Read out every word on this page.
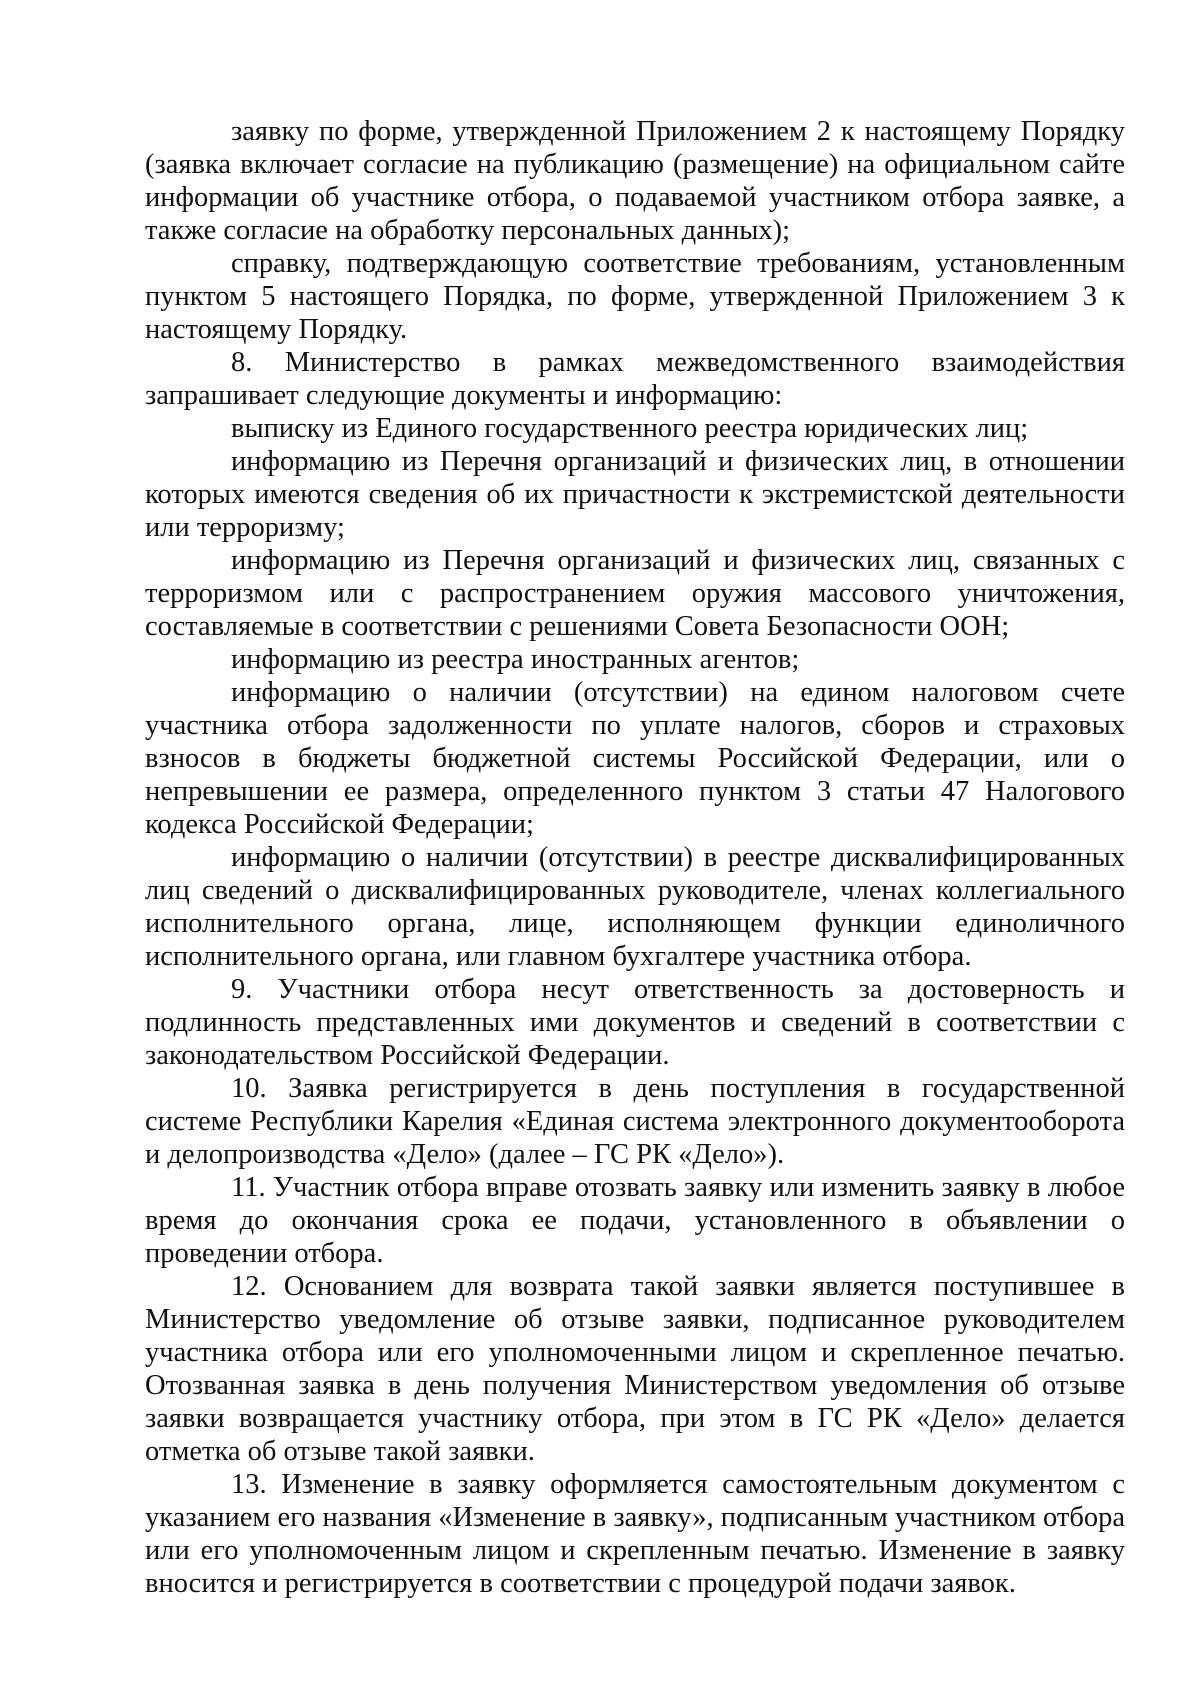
заявку по форме, утвержденной Приложением 2 к настоящему Порядку (заявка включает согласие на публикацию (размещение) на официальном сайте информации об участнике отбора, о подаваемой участником отбора заявке, а также согласие на обработку персональных данных);

справку, подтверждающую соответствие требованиям, установленным пунктом 5 настоящего Порядка, по форме, утвержденной Приложением 3 к настоящему Порядку.

8. Министерство в рамках межведомственного взаимодействия запрашивает следующие документы и информацию:

выписку из Единого государственного реестра юридических лиц;

информацию из Перечня организаций и физических лиц, в отношении которых имеются сведения об их причастности к экстремистской деятельности или терроризму;

информацию из Перечня организаций и физических лиц, связанных с терроризмом или с распространением оружия массового уничтожения, составляемые в соответствии с решениями Совета Безопасности ООН;

информацию из реестра иностранных агентов;

информацию о наличии (отсутствии) на едином налоговом счете участника отбора задолженности по уплате налогов, сборов и страховых взносов в бюджеты бюджетной системы Российской Федерации, или о непревышении ее размера, определенного пунктом 3 статьи 47 Налогового кодекса Российской Федерации;

информацию о наличии (отсутствии) в реестре дисквалифицированных лиц сведений о дисквалифицированных руководителе, членах коллегиального исполнительного органа, лице, исполняющем функции единоличного исполнительного органа, или главном бухгалтере участника отбора.

9. Участники отбора несут ответственность за достоверность и подлинность представленных ими документов и сведений в соответствии с законодательством Российской Федерации.

10. Заявка регистрируется в день поступления в государственной системе Республики Карелия «Единая система электронного документооборота и делопроизводства «Дело» (далее – ГС РК «Дело»).

11. Участник отбора вправе отозвать заявку или изменить заявку в любое время до окончания срока ее подачи, установленного в объявлении о проведении отбора.

12. Основанием для возврата такой заявки является поступившее в Министерство уведомление об отзыве заявки, подписанное руководителем участника отбора или его уполномоченными лицом и скрепленное печатью. Отозванная заявка в день получения Министерством уведомления об отзыве заявки возвращается участнику отбора, при этом в ГС РК «Дело» делается отметка об отзыве такой заявки.

13. Изменение в заявку оформляется самостоятельным документом с указанием его названия «Изменение в заявку», подписанным участником отбора или его уполномоченным лицом и скрепленным печатью. Изменение в заявку вносится и регистрируется в соответствии с процедурой подачи заявок.
